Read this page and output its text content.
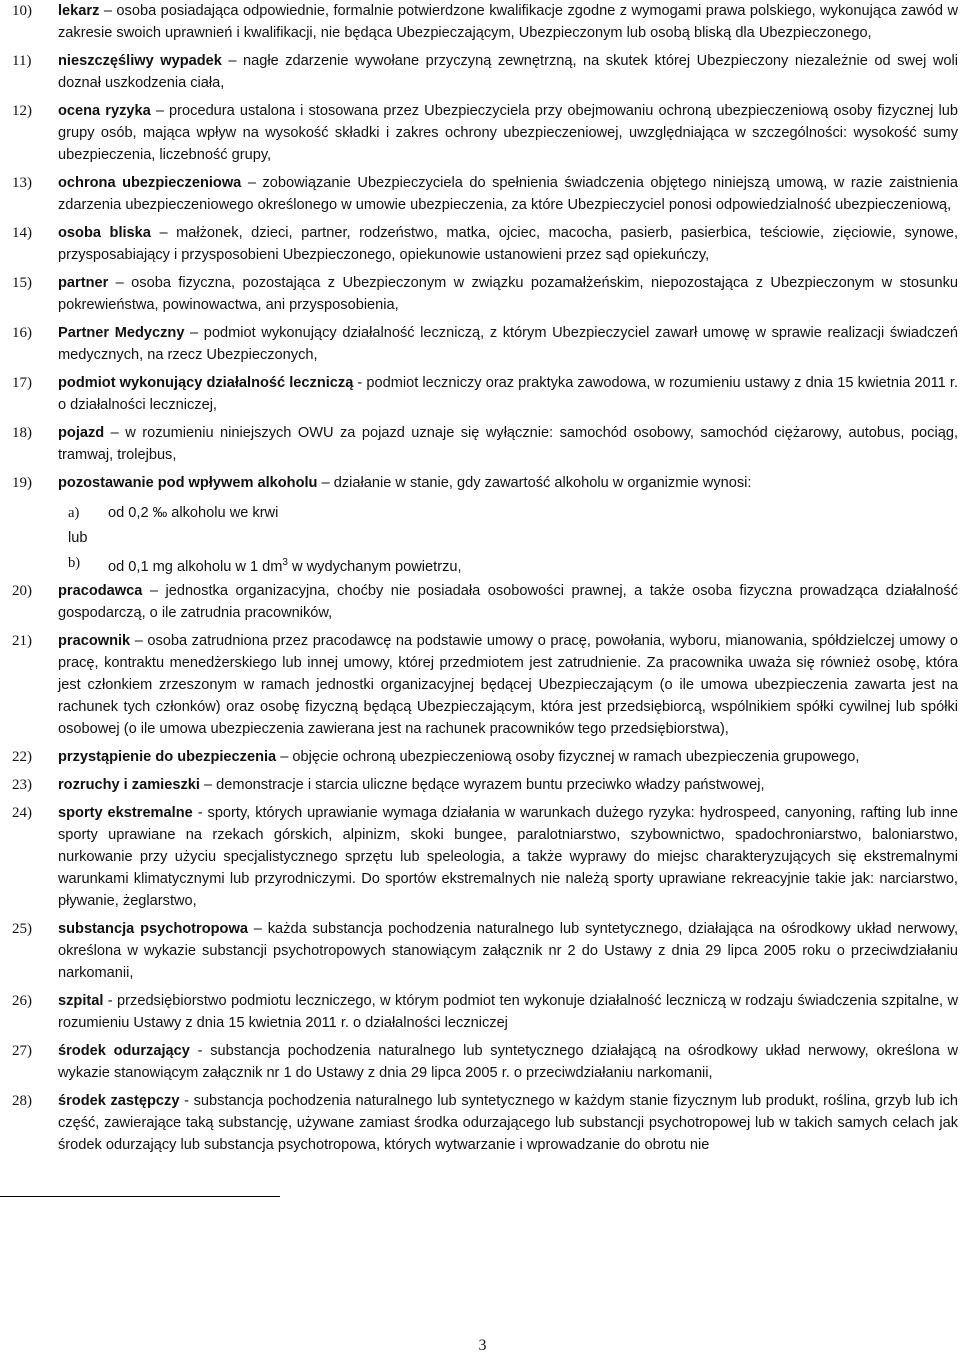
10) lekarz – osoba posiadająca odpowiednie, formalnie potwierdzone kwalifikacje zgodne z wymogami prawa polskiego, wykonująca zawód w zakresie swoich uprawnień i kwalifikacji, nie będąca Ubezpieczającym, Ubezpieczonym lub osobą bliską dla Ubezpieczonego,
11) nieszczęśliwy wypadek – nagłe zdarzenie wywołane przyczyną zewnętrzną, na skutek której Ubezpieczony niezależnie od swej woli doznał uszkodzenia ciała,
12) ocena ryzyka – procedura ustalona i stosowana przez Ubezpieczyciela przy obejmowaniu ochroną ubezpieczeniową osoby fizycznej lub grupy osób, mająca wpływ na wysokość składki i zakres ochrony ubezpieczeniowej, uwzględniająca w szczególności: wysokość sumy ubezpieczenia, liczebność grupy,
13) ochrona ubezpieczeniowa – zobowiązanie Ubezpieczyciela do spełnienia świadczenia objętego niniejszą umową, w razie zaistnienia zdarzenia ubezpieczeniowego określonego w umowie ubezpieczenia, za które Ubezpieczyciel ponosi odpowiedzialność ubezpieczeniową,
14) osoba bliska – małżonek, dzieci, partner, rodzeństwo, matka, ojciec, macocha, pasierb, pasierbica, teściowie, zięciowie, synowe, przysposabiający i przysposobieni Ubezpieczonego, opiekunowie ustanowieni przez sąd opiekuńczy,
15) partner – osoba fizyczna, pozostająca z Ubezpieczonym w związku pozamałżeńskim, niepozostająca z Ubezpieczonym w stosunku pokrewieństwa, powinowactwa, ani przysposobienia,
16) Partner Medyczny – podmiot wykonujący działalność leczniczą, z którym Ubezpieczyciel zawarł umowę w sprawie realizacji świadczeń medycznych, na rzecz Ubezpieczonych,
17) podmiot wykonujący działalność leczniczą - podmiot leczniczy oraz praktyka zawodowa, w rozumieniu ustawy z dnia 15 kwietnia 2011 r. o działalności leczniczej,
18) pojazd – w rozumieniu niniejszych OWU za pojazd uznaje się wyłącznie: samochód osobowy, samochód ciężarowy, autobus, pociąg, tramwaj, trolejbus,
19) pozostawanie pod wpływem alkoholu – działanie w stanie, gdy zawartość alkoholu w organizmie wynosi:
a) od 0,2 ‰ alkoholu we krwi
lub
b) od 0,1 mg alkoholu w 1 $dm^3$ w wydychanym powietrzu,
20) pracodawca – jednostka organizacyjna, choćby nie posiadała osobowości prawnej, a także osoba fizyczna prowadząca działalność gospodarczą, o ile zatrudnia pracowników,
21) pracownik – osoba zatrudniona przez pracodawcę na podstawie umowy o pracę, powołania, wyboru, mianowania, spółdzielczej umowy o pracę, kontraktu menedżerskiego lub innej umowy, której przedmiotem jest zatrudnienie. Za pracownika uważa się również osobę, która jest członkiem zrzeszonym w ramach jednostki organizacyjnej będącej Ubezpieczającym (o ile umowa ubezpieczenia zawarta jest na rachunek tych członków) oraz osobę fizyczną będącą Ubezpieczającym, która jest przedsiębiorcą, wspólnikiem spółki cywilnej lub spółki osobowej (o ile umowa ubezpieczenia zawierana jest na rachunek pracowników tego przedsiębiorstwa),
22) przystąpienie do ubezpieczenia – objęcie ochroną ubezpieczeniową osoby fizycznej w ramach ubezpieczenia grupowego,
23) rozruchy i zamieszki – demonstracje i starcia uliczne będące wyrazem buntu przeciwko władzy państwowej,
24) sporty ekstremalne - sporty, których uprawianie wymaga działania w warunkach dużego ryzyka: hydrospeed, canyoning, rafting lub inne sporty uprawiane na rzekach górskich, alpinizm, skoki bungee, paralotniarstwo, szybownictwo, spadochroniarstwo, baloniarstwo, nurkowanie przy użyciu specjalistycznego sprzętu lub speleologia, a także wyprawy do miejsc charakteryzujących się ekstremalnymi warunkami klimatycznymi lub przyrodniczymi. Do sportów ekstremalnych nie należą sporty uprawiane rekreacyjnie takie jak: narciarstwo, pływanie, żeglarstwo,
25) substancja psychotropowa – każda substancja pochodzenia naturalnego lub syntetycznego, działająca na ośrodkowy układ nerwowy, określona w wykazie substancji psychotropowych stanowiącym załącznik nr 2 do Ustawy z dnia 29 lipca 2005 roku o przeciwdziałaniu narkomanii,
26) szpital - przedsiębiorstwo podmiotu leczniczego, w którym podmiot ten wykonuje działalność leczniczą w rodzaju świadczenia szpitalne, w rozumieniu Ustawy z dnia 15 kwietnia 2011 r. o działalności leczniczej
27) środek odurzający - substancja pochodzenia naturalnego lub syntetycznego działającą na ośrodkowy układ nerwowy, określona w wykazie stanowiącym załącznik nr 1 do Ustawy z dnia 29 lipca 2005 r. o przeciwdziałaniu narkomanii,
28) środek zastępczy - substancja pochodzenia naturalnego lub syntetycznego w każdym stanie fizycznym lub produkt, roślina, grzyb lub ich część, zawierające taką substancję, używane zamiast środka odurzającego lub substancji psychotropowej lub w takich samych celach jak środek odurzający lub substancja psychotropowa, których wytwarzanie i wprowadzanie do obrotu nie
3
